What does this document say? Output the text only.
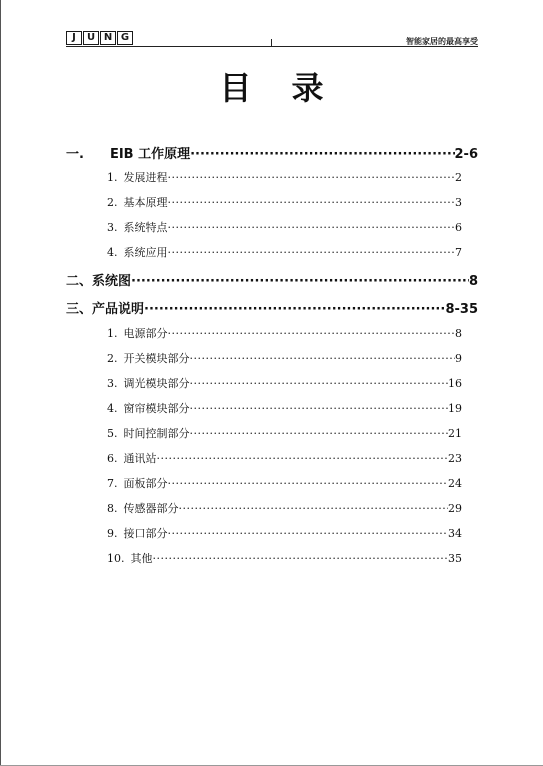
J	U N G	智能家居的最高享受
目录
一. EIB 工作原理 ·····	2-6
1. 发展进程 ·····	2
2. 基本原理 ·····	3
3. 系统特点 ·····	6
4. 系统应用 ·····	7
二、系统图 ·····	8
三、产品说明 ·····	8-35
1. 电源部分 ·····	8
2. 开关模块部分 ·····	9
3. 调光模块部分 ·····	16
4. 窗帘模块部分 ·····	19
5. 时间控制部分 ·····	21
6. 通讯站 ·····	23
7. 面板部分 ·····	24
8. 传感器部分 ·····	29
9. 接口部分 ·····	34
10. 其他 ·····	35
